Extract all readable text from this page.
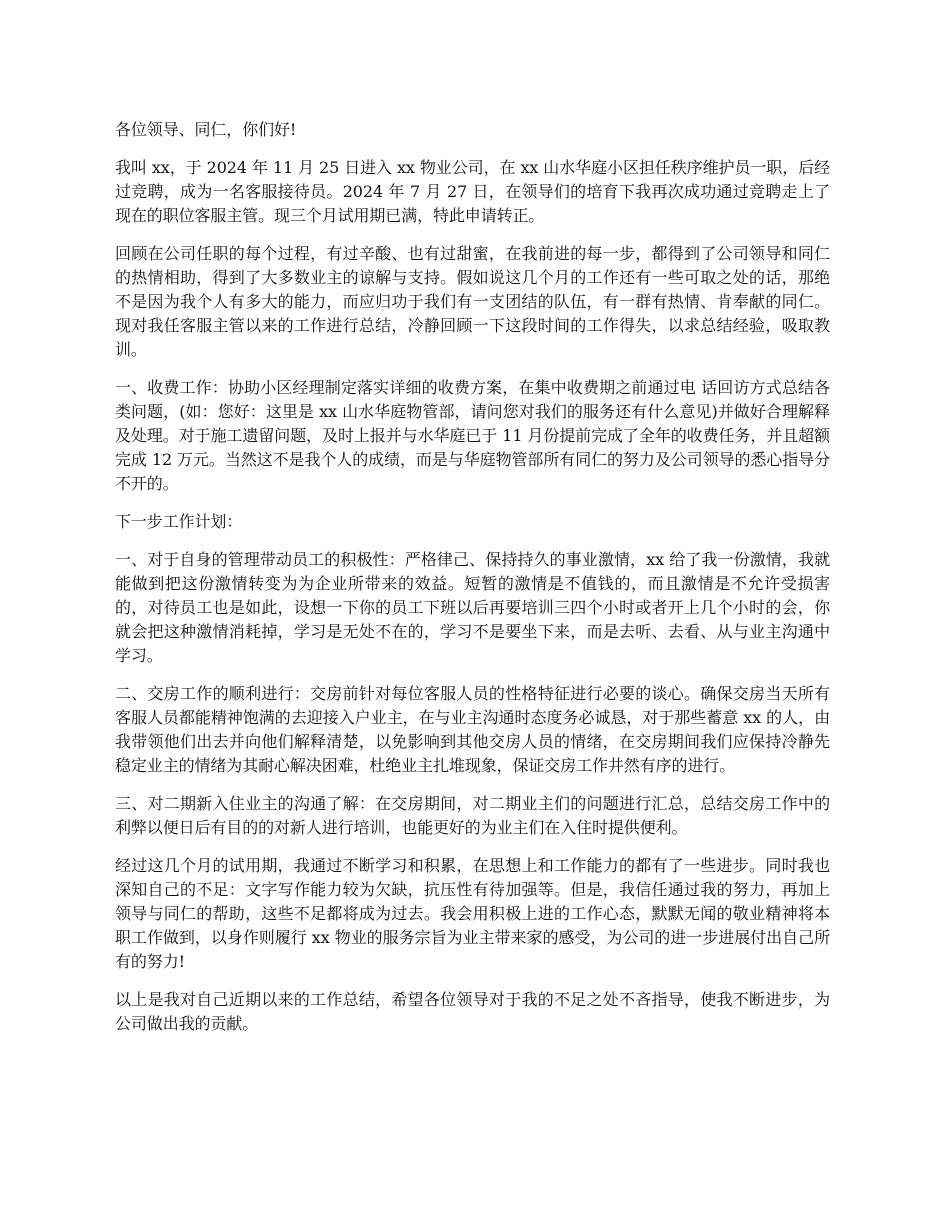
各位领导、同仁，你们好!

我叫 xx，于 2024 年 11 月 25 日进入 xx 物业公司，在 xx 山水华庭小区担任秩序维护员一职，后经过竞聘，成为一名客服接待员。2024 年 7 月 27 日，在领导们的培育下我再次成功通过竞聘走上了现在的职位客服主管。现三个月试用期已满，特此申请转正。

回顾在公司任职的每个过程，有过辛酸、也有过甜蜜，在我前进的每一步，都得到了公司领导和同仁的热情相助，得到了大多数业主的谅解与支持。假如说这几个月的工作还有一些可取之处的话，那绝不是因为我个人有多大的能力，而应归功于我们有一支团结的队伍，有一群有热情、肯奉献的同仁。现对我任客服主管以来的工作进行总结，冷静回顾一下这段时间的工作得失，以求总结经验，吸取教训。

一、收费工作：协助小区经理制定落实详细的收费方案，在集中收费期之前通过电 话回访方式总结各类问题，(如：您好：这里是 xx 山水华庭物管部，请问您对我们的服务还有什么意见)并做好合理解释及处理。对于施工遗留问题，及时上报并与水华庭已于 11 月份提前完成了全年的收费任务，并且超额完成 12 万元。当然这不是我个人的成绩，而是与华庭物管部所有同仁的努力及公司领导的悉心指导分不开的。

下一步工作计划：

一、对于自身的管理带动员工的积极性：严格律己、保持持久的事业激情，xx 给了我一份激情，我就能做到把这份激情转变为为企业所带来的效益。短暂的激情是不值钱的，而且激情是不允许受损害的，对待员工也是如此，设想一下你的员工下班以后再要培训三四个小时或者开上几个小时的会，你就会把这种激情消耗掉，学习是无处不在的，学习不是要坐下来，而是去听、去看、从与业主沟通中学习。

二、交房工作的顺利进行：交房前针对每位客服人员的性格特征进行必要的谈心。确保交房当天所有客服人员都能精神饱满的去迎接入户业主，在与业主沟通时态度务必诚恳，对于那些蓄意 xx 的人，由我带领他们出去并向他们解释清楚，以免影响到其他交房人员的情绪，在交房期间我们应保持冷静先稳定业主的情绪为其耐心解决困难，杜绝业主扎堆现象，保证交房工作井然有序的进行。

三、对二期新入住业主的沟通了解：在交房期间，对二期业主们的问题进行汇总，总结交房工作中的利弊以便日后有目的的对新人进行培训，也能更好的为业主们在入住时提供便利。

经过这几个月的试用期，我通过不断学习和积累，在思想上和工作能力的都有了一些进步。同时我也深知自己的不足：文字写作能力较为欠缺，抗压性有待加强等。但是，我信任通过我的努力，再加上领导与同仁的帮助，这些不足都将成为过去。我会用积极上进的工作心态，默默无闻的敬业精神将本职工作做到，以身作则履行 xx 物业的服务宗旨为业主带来家的感受，为公司的进一步进展付出自己所有的努力!

以上是我对自己近期以来的工作总结，希望各位领导对于我的不足之处不吝指导，使我不断进步，为公司做出我的贡献。
